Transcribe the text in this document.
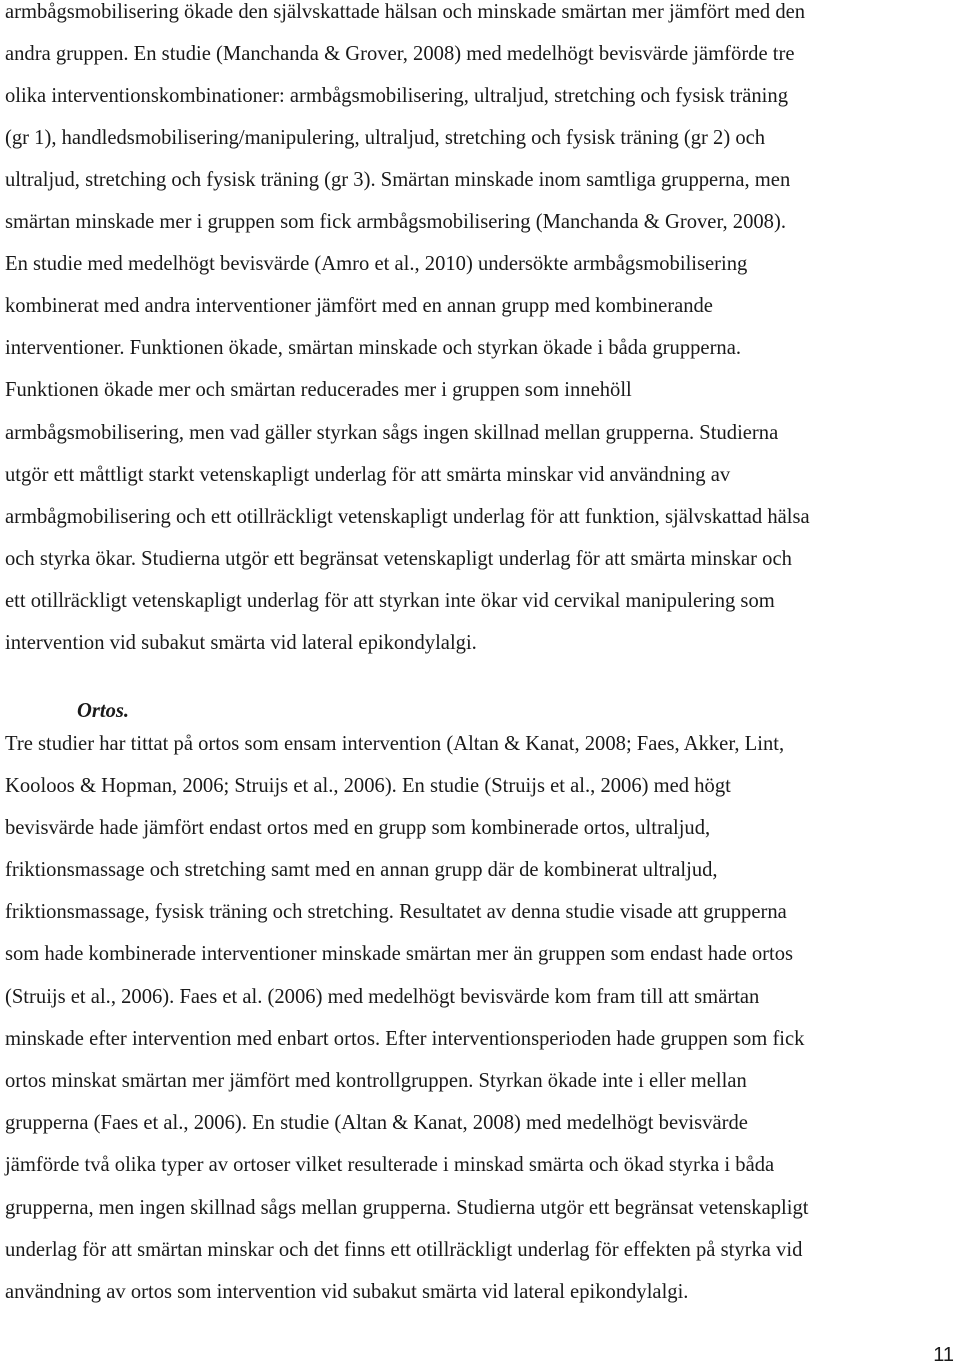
armbågsmobilisering ökade den självskattade hälsan och minskade smärtan mer jämfört med den
andra gruppen. En studie (Manchanda & Grover, 2008) med medelhögt bevisvärde jämförde tre
olika interventionskombinationer: armbågsmobilisering, ultraljud, stretching och fysisk träning
(gr 1), handledsmobilisering/manipulering, ultraljud, stretching och fysisk träning (gr 2) och
ultraljud, stretching och fysisk träning (gr 3). Smärtan minskade inom samtliga grupperna, men
smärtan minskade mer i gruppen som fick armbågsmobilisering (Manchanda & Grover, 2008).
En studie med medelhögt bevisvärde (Amro et al., 2010) undersökte armbågsmobilisering
kombinerat med andra interventioner jämfört med en annan grupp med kombinerande
interventioner. Funktionen ökade, smärtan minskade och styrkan ökade i båda grupperna.
Funktionen ökade mer och smärtan reducerades mer i gruppen som innehöll
armbågsmobilisering, men vad gäller styrkan sågs ingen skillnad mellan grupperna. Studierna
utgör ett måttligt starkt vetenskapligt underlag för att smärta minskar vid användning av
armbågmobilisering och ett otillräckligt vetenskapligt underlag för att funktion, självskattad hälsa
och styrka ökar. Studierna utgör ett begränsat vetenskapligt underlag för att smärta minskar och
ett otillräckligt vetenskapligt underlag för att styrkan inte ökar vid cervikal manipulering som
intervention vid subakut smärta vid lateral epikondylalgi.
Ortos.
Tre studier har tittat på ortos som ensam intervention (Altan & Kanat, 2008; Faes, Akker, Lint,
Kooloos & Hopman, 2006; Struijs et al., 2006). En studie (Struijs et al., 2006) med högt
bevisvärde hade jämfört endast ortos med en grupp som kombinerade ortos, ultraljud,
friktionsmassage och stretching samt med en annan grupp där de kombinerat ultraljud,
friktionsmassage, fysisk träning och stretching. Resultatet av denna studie visade att grupperna
som hade kombinerade interventioner minskade smärtan mer än gruppen som endast hade ortos
(Struijs et al., 2006). Faes et al. (2006) med medelhögt bevisvärde kom fram till att smärtan
minskade efter intervention med enbart ortos. Efter interventionsperioden hade gruppen som fick
ortos minskat smärtan mer jämfört med kontrollgruppen. Styrkan ökade inte i eller mellan
grupperna (Faes et al., 2006). En studie (Altan & Kanat, 2008) med medelhögt bevisvärde
jämförde två olika typer av ortoser vilket resulterade i minskad smärta och ökad styrka i båda
grupperna, men ingen skillnad sågs mellan grupperna. Studierna utgör ett begränsat vetenskapligt
underlag för att smärtan minskar och det finns ett otillräckligt underlag för effekten på styrka vid
användning av ortos som intervention vid subakut smärta vid lateral epikondylalgi.
11
